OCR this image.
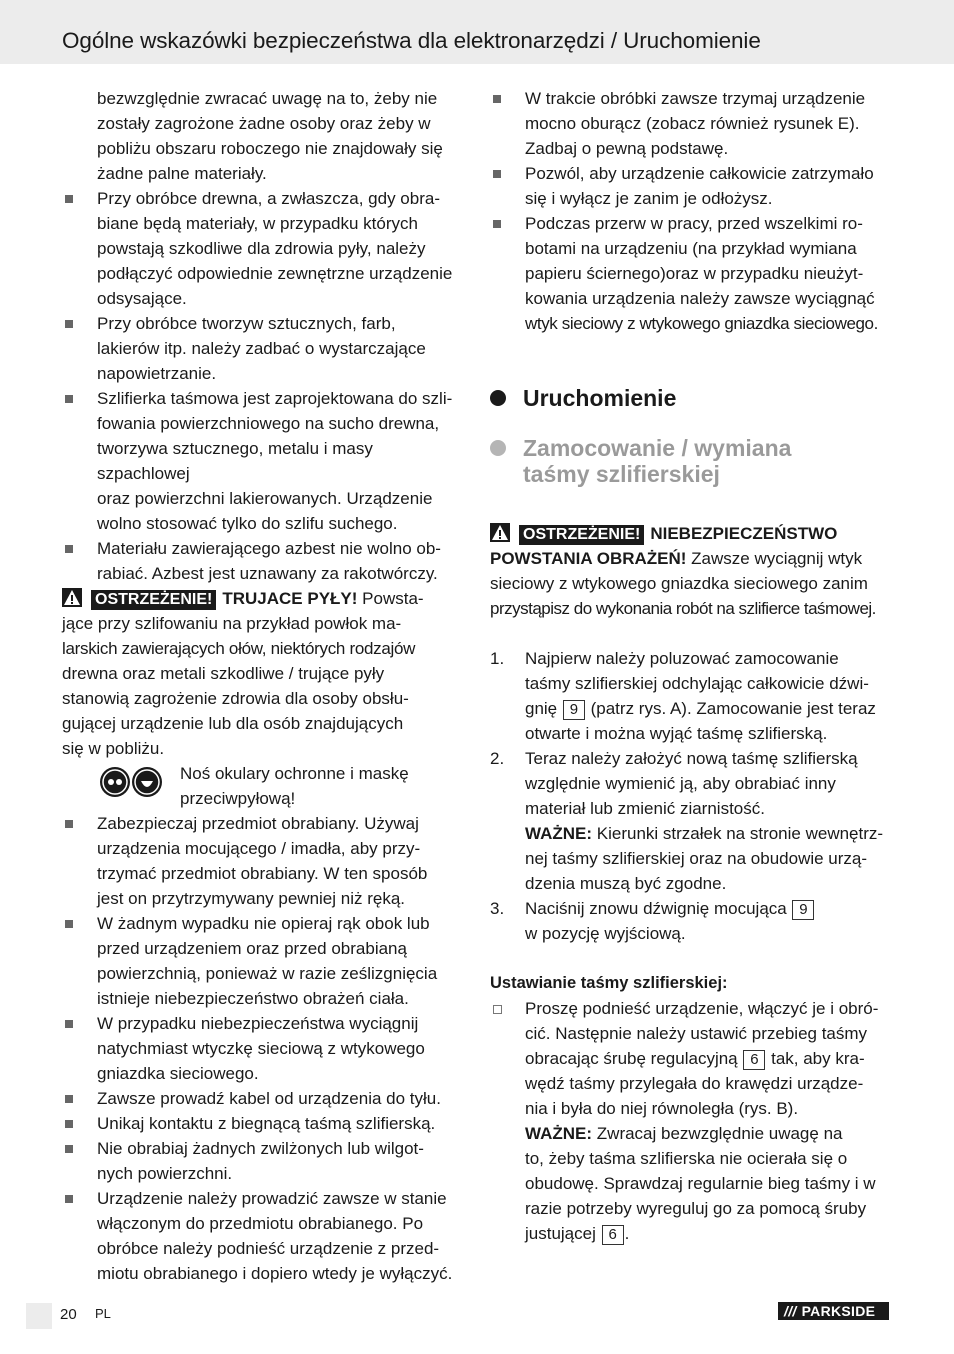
Ogólne wskazówki bezpieczeństwa dla elektronarzędzi / Uruchomienie

bezwzględnie zwracać uwagę na to, żeby nie

zostały zagrożone żadne osoby oraz żeby w

pobliżu obszaru roboczego nie znajdowały się

żadne palne materiały.

Przy obróbce drewna, a zwłaszcza, gdy obra-

biane będą materiały, w przypadku których

powstają szkodliwe dla zdrowia pyły, należy

podłączyć odpowiednie zewnętrzne urządzenie

odsysające.

Przy obróbce tworzyw sztucznych, farb,

lakierów itp. należy zadbać o wystarczające

napowietrzanie.

Szlifierka taśmowa jest zaprojektowana do szli-

fowania powierzchniowego na sucho drewna,

tworzywa sztucznego, metalu i masy szpachlowej

oraz powierzchni lakierowanych. Urządzenie

wolno stosować tylko do szlifu suchego.

Materiału zawierającego azbest nie wolno ob-

rabiać. Azbest jest uznawany za rakotwórczy.

OSTRZEŻENIE! TRUJACE PYŁY! Powsta-

jące przy szlifowaniu na przykład powłok ma-

larskich zawierających ołów, niektórych rodzajów

drewna oraz metali szkodliwe / trujące pyły

stanowią zagrożenie zdrowia dla osoby obsłu-

gującej urządzenie lub dla osób znajdujących

się w pobliżu.

Noś okulary ochronne i maskę

przeciwpyłową!

Zabezpieczaj przedmiot obrabiany. Używaj

urządzenia mocującego / imadła, aby przy-

trzymać przedmiot obrabiany. W ten sposób

jest on przytrzymywany pewniej niż ręką.

W żadnym wypadku nie opieraj rąk obok lub

przed urządzeniem oraz przed obrabianą

powierzchnią, ponieważ w razie ześlizgnięcia

istnieje niebezpieczeństwo obrażeń ciała.

W przypadku niebezpieczeństwa wyciągnij

natychmiast wtyczkę sieciową z wtykowego

gniazdka sieciowego.

Zawsze prowadź kabel od urządzenia do tyłu.

Unikaj kontaktu z biegnącą taśmą szlifierską.

Nie obrabiaj żadnych zwilżonych lub wilgot-

nych powierzchni.

Urządzenie należy prowadzić zawsze w stanie

włączonym do przedmiotu obrabianego. Po

obróbce należy podnieść urządzenie z przed-

miotu obrabianego i dopiero wtedy je wyłączyć.

W trakcie obróbki zawsze trzymaj urządzenie

mocno oburącz (zobacz również rysunek E).

Zadbaj o pewną podstawę.

Pozwól, aby urządzenie całkowicie zatrzymało

się i wyłącz je zanim je odłożysz.

Podczas przerw w pracy, przed wszelkimi ro-

botami na urządzeniu (na przykład wymiana

papieru ściernego)oraz w przypadku nieużyt-

kowania urządzenia należy zawsze wyciągnąć

wtyk sieciowy z wtykowego gniazdka sieciowego.

Uruchomienie
Zamocowanie / wymiana
taśmy szlifierskiej

OSTRZEŻENIE! NIEBEZPIECZEŃSTWO

POWSTANIA OBRAŻEŃ! Zawsze wyciągnij wtyk

sieciowy z wtykowego gniazdka sieciowego zanim

przystąpisz do wykonania robót na szlifierce taśmowej.

1. Najpierw należy poluzować zamocowanie

taśmy szlifierskiej odchylając całkowicie dźwi-

gnię 9 (patrz rys. A). Zamocowanie jest teraz

otwarte i można wyjąć taśmę szlifierską.

2. Teraz należy założyć nową taśmę szlifierską

względnie wymienić ją, aby obrabiać inny

materiał lub zmienić ziarnistość.

WAŻNE: Kierunki strzałek na stronie wewnętrz-

nej taśmy szlifierskiej oraz na obudowie urzą-

dzenia muszą być zgodne.

3. Naciśnij znowu dźwignię mocująca 9

w pozycję wyjściową.

Ustawianie taśmy szlifierskiej:

Proszę podnieść urządzenie, włączyć je i obró-

cić. Następnie należy ustawić przebieg taśmy

obracając śrubę regulacyjną 6 tak, aby kra-

wędź taśmy przylegała do krawędzi urządze-

nia i była do niej równoległa (rys. B).

WAŻNE: Zwracaj bezwzględnie uwagę na

to, żeby taśma szlifierska nie ocierała się o

obudowę. Sprawdzaj regularnie bieg taśmy i w

razie potrzeby wyreguluj go za pomocą śruby

justującej 6 .

20 PL	/// PARKSIDE
